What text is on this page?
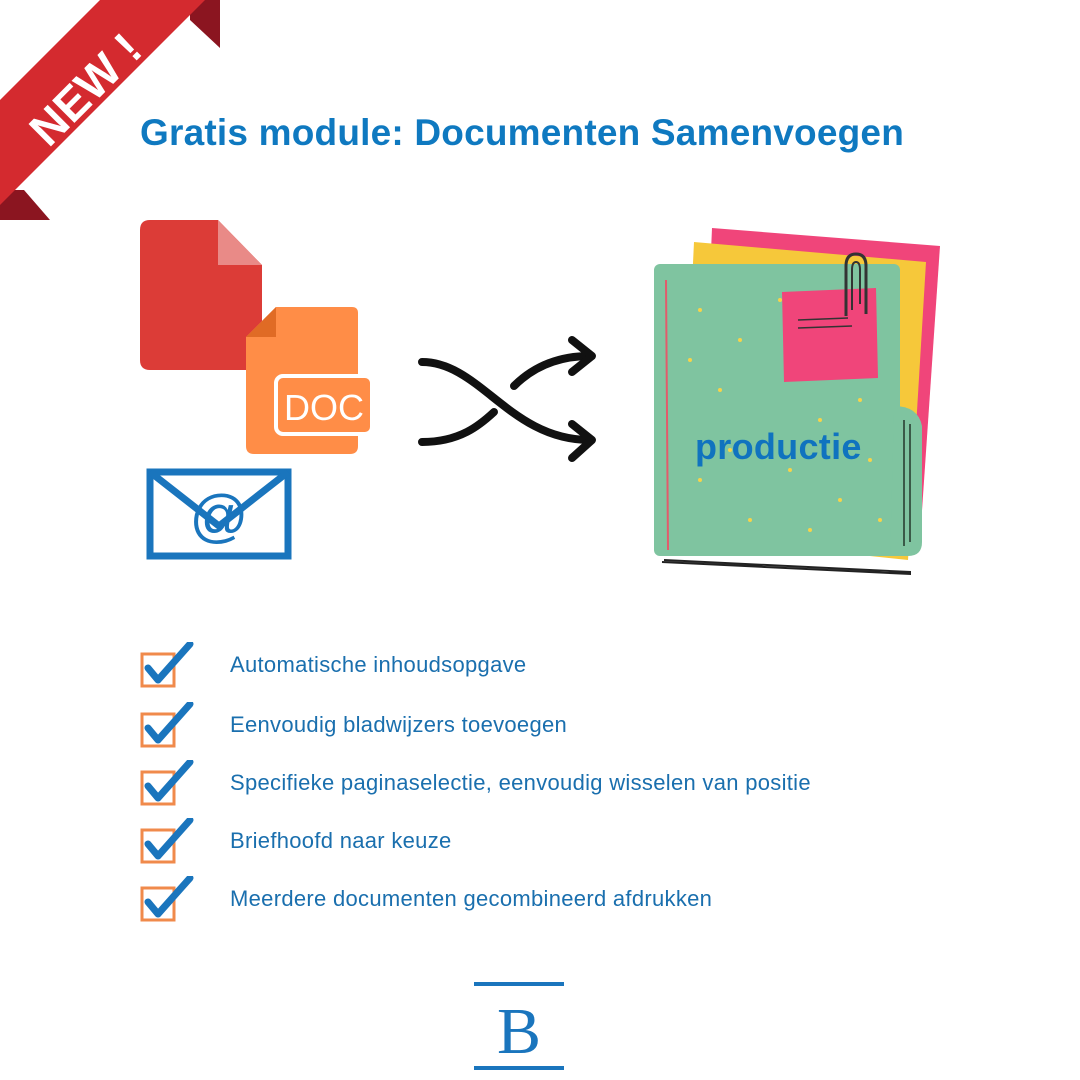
NEW !
Gratis module: Documenten Samenvoegen
DOC
@
productie
Automatische inhoudsopgave
Eenvoudig bladwijzers toevoegen
Specifieke paginaselectie, eenvoudig wisselen van positie
Briefhoofd naar keuze
Meerdere documenten gecombineerd afdrukken
B
